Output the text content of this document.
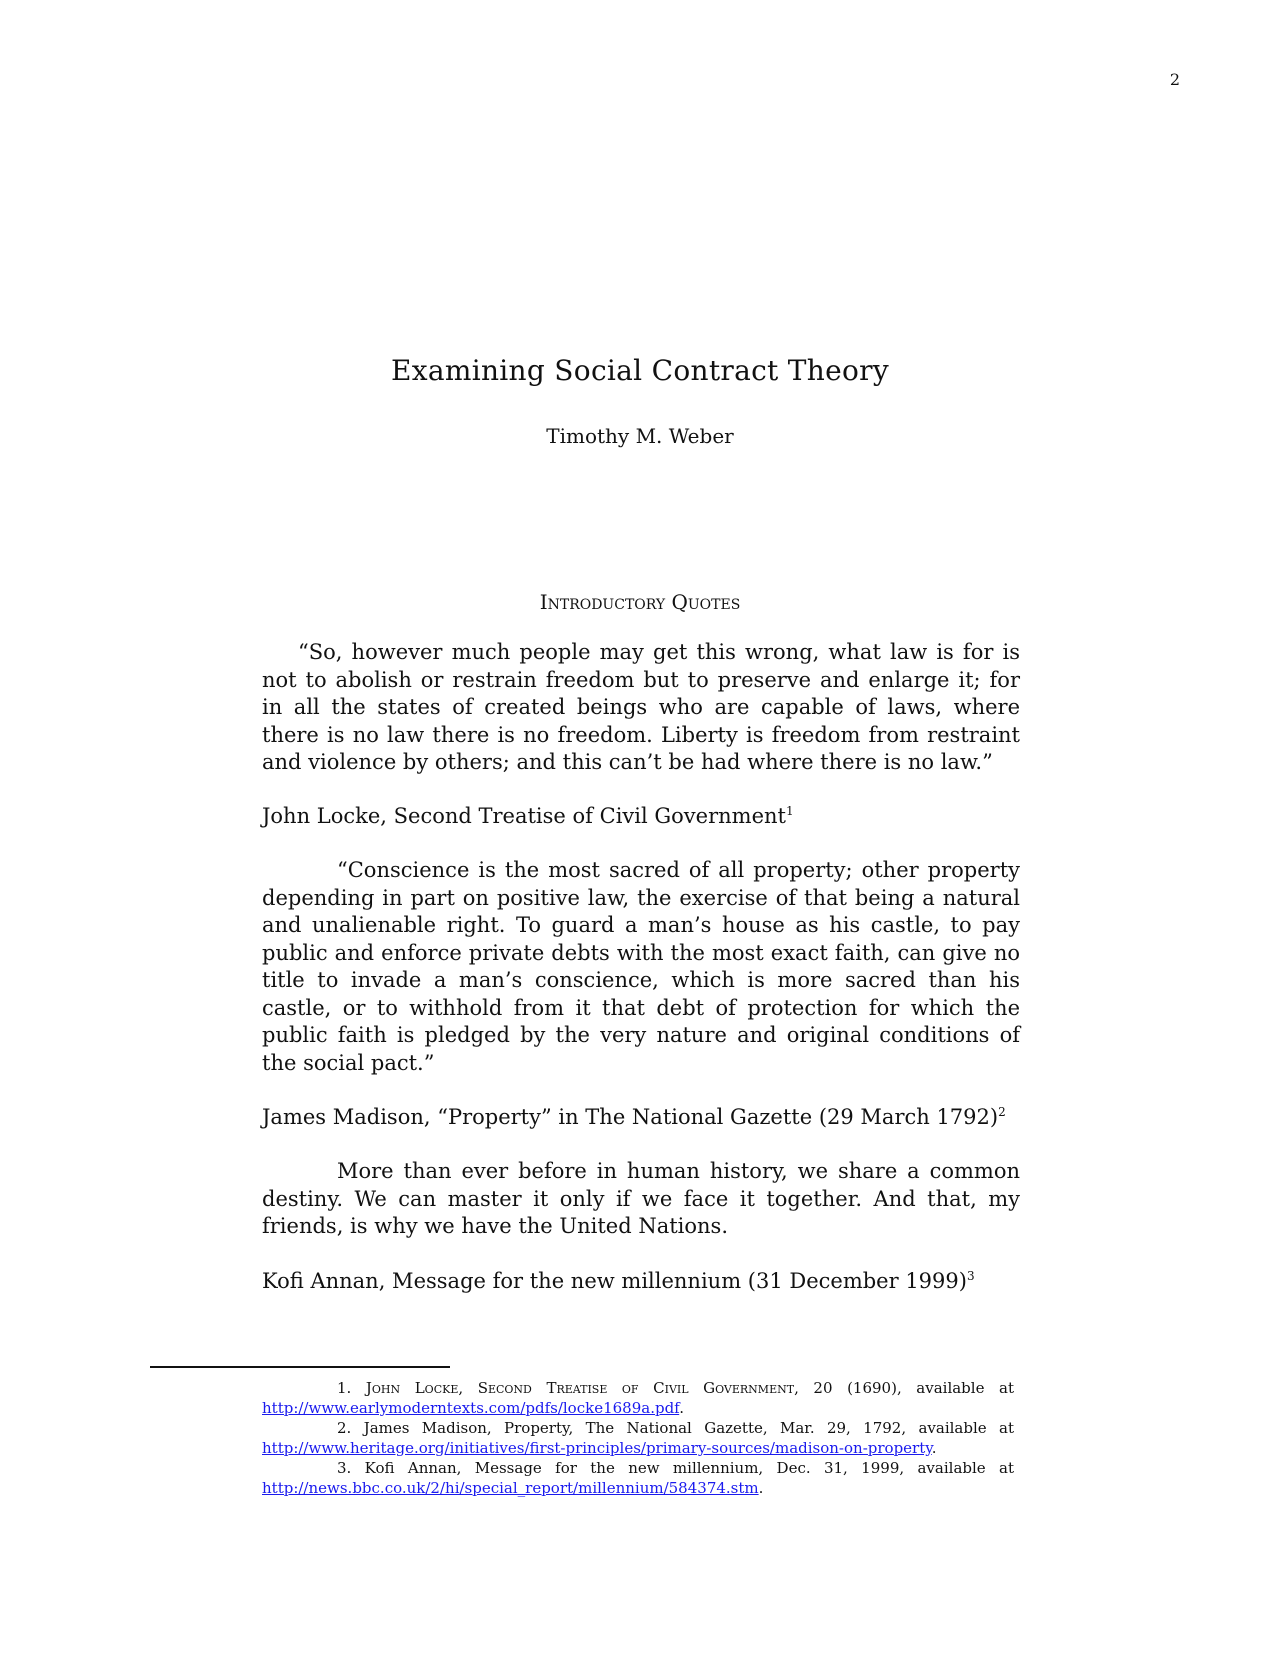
2
Examining Social Contract Theory
Timothy M. Weber
Introductory Quotes

“So, however much people may get this wrong, what law is for is not to abolish or restrain freedom but to preserve and enlarge it; for in all the states of created beings who are capable of laws, where there is no law there is no freedom. Liberty is freedom from restraint and violence by others; and this can’t be had where there is no law.”

John Locke, Second Treatise of Civil Government$^1$

“Conscience is the most sacred of all property; other property depending in part on positive law, the exercise of that being a natural and unalienable right. To guard a man’s house as his castle, to pay public and enforce private debts with the most exact faith, can give no title to invade a man’s conscience, which is more sacred than his castle, or to withhold from it that debt of protection for which the public faith is pledged by the very nature and original conditions of the social pact.”

James Madison, “Property” in The National Gazette (29 March 1792)$^2$

More than ever before in human history, we share a common destiny. We can master it only if we face it together. And that, my friends, is why we have the United Nations.

Kofi Annan, Message for the new millennium (31 December 1999)$^3$

1. John Locke, Second Treatise of Civil Government, 20 (1690), available at http://www.earlymoderntexts.com/pdfs/locke1689a.pdf.

2. James Madison, Property, The National Gazette, Mar. 29, 1792, available at http://www.heritage.org/initiatives/first-principles/primary-sources/madison-on-property.

3. Kofi Annan, Message for the new millennium, Dec. 31, 1999, available at http://news.bbc.co.uk/2/hi/special_report/millennium/584374.stm.
